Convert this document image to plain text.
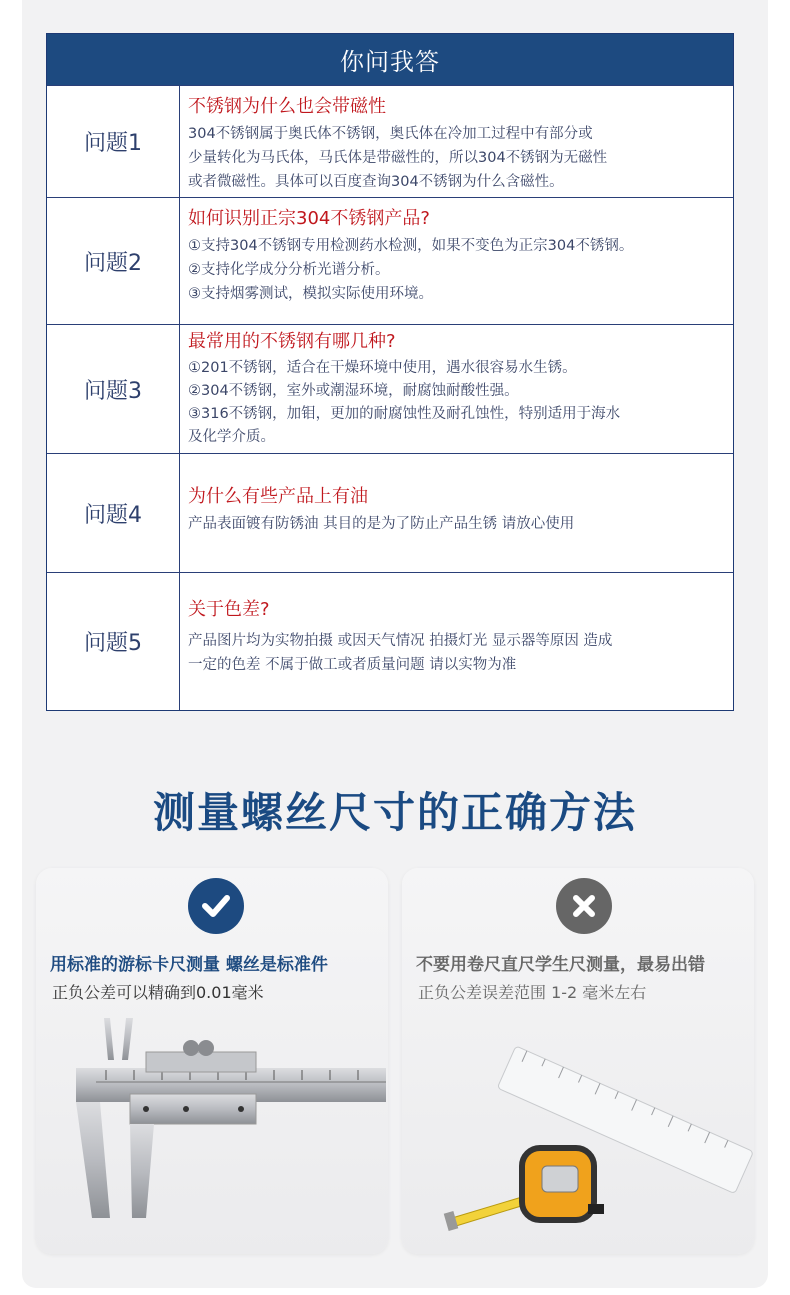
你问我答
问题1
不锈钢为什么也会带磁性
304不锈钢属于奥氏体不锈钢，奥氏体在冷加工过程中有部分或
少量转化为马氏体，马氏体是带磁性的，所以304不锈钢为无磁性
或者微磁性。具体可以百度查询304不锈钢为什么含磁性。
问题2
如何识别正宗304不锈钢产品?
①支持304不锈钢专用检测药水检测，如果不变色为正宗304不锈钢。
②支持化学成分分析光谱分析。
③支持烟雾测试，模拟实际使用环境。
问题3
最常用的不锈钢有哪几种?
①201不锈钢，适合在干燥环境中使用，遇水很容易水生锈。
②304不锈钢，室外或潮湿环境，耐腐蚀耐酸性强。
③316不锈钢，加钼，更加的耐腐蚀性及耐孔蚀性，特别适用于海水
及化学介质。
问题4
为什么有些产品上有油
产品表面镀有防锈油 其目的是为了防止产品生锈 请放心使用
问题5
关于色差?
产品图片均为实物拍摄 或因天气情况 拍摄灯光 显示器等原因 造成
一定的色差 不属于做工或者质量问题 请以实物为准
测量螺丝尺寸的正确方法
用标准的游标卡尺测量 螺丝是标准件
正负公差可以精确到0.01毫米
不要用卷尺直尺学生尺测量，最易出错
正负公差误差范围 1-2 毫米左右
